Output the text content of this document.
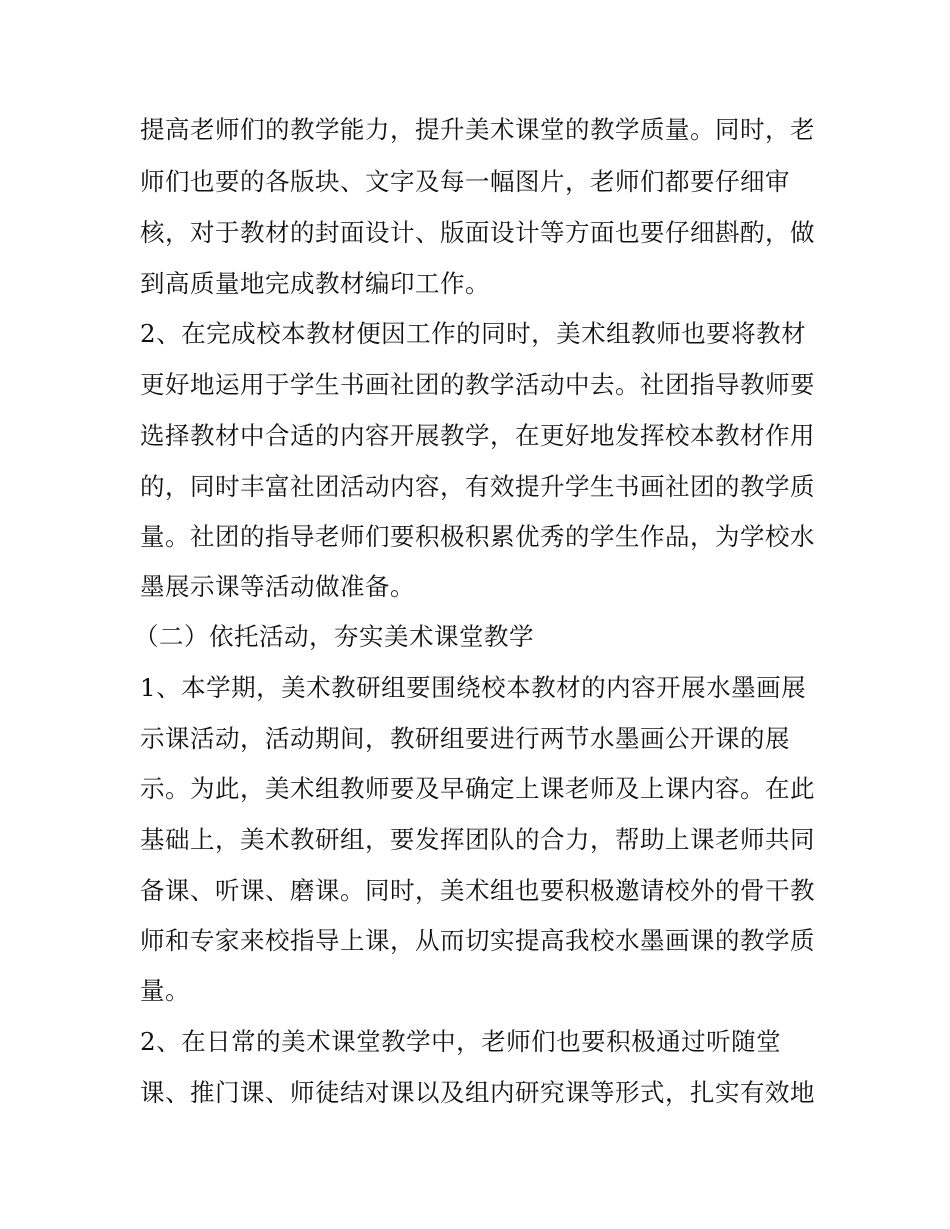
提高老师们的教学能力，提升美术课堂的教学质量。同时，老
师们也要的各版块、文字及每一幅图片，老师们都要仔细审
核，对于教材的封面设计、版面设计等方面也要仔细斟酌，做
到高质量地完成教材编印工作。
2、在完成校本教材便因工作的同时，美术组教师也要将教材
更好地运用于学生书画社团的教学活动中去。社团指导教师要
选择教材中合适的内容开展教学，在更好地发挥校本教材作用
的，同时丰富社团活动内容，有效提升学生书画社团的教学质
量。社团的指导老师们要积极积累优秀的学生作品，为学校水
墨展示课等活动做准备。
（二）依托活动，夯实美术课堂教学
1、本学期，美术教研组要围绕校本教材的内容开展水墨画展
示课活动，活动期间，教研组要进行两节水墨画公开课的展
示。为此，美术组教师要及早确定上课老师及上课内容。在此
基础上，美术教研组，要发挥团队的合力，帮助上课老师共同
备课、听课、磨课。同时，美术组也要积极邀请校外的骨干教
师和专家来校指导上课，从而切实提高我校水墨画课的教学质
量。
2、在日常的美术课堂教学中，老师们也要积极通过听随堂
课、推门课、师徒结对课以及组内研究课等形式，扎实有效地
